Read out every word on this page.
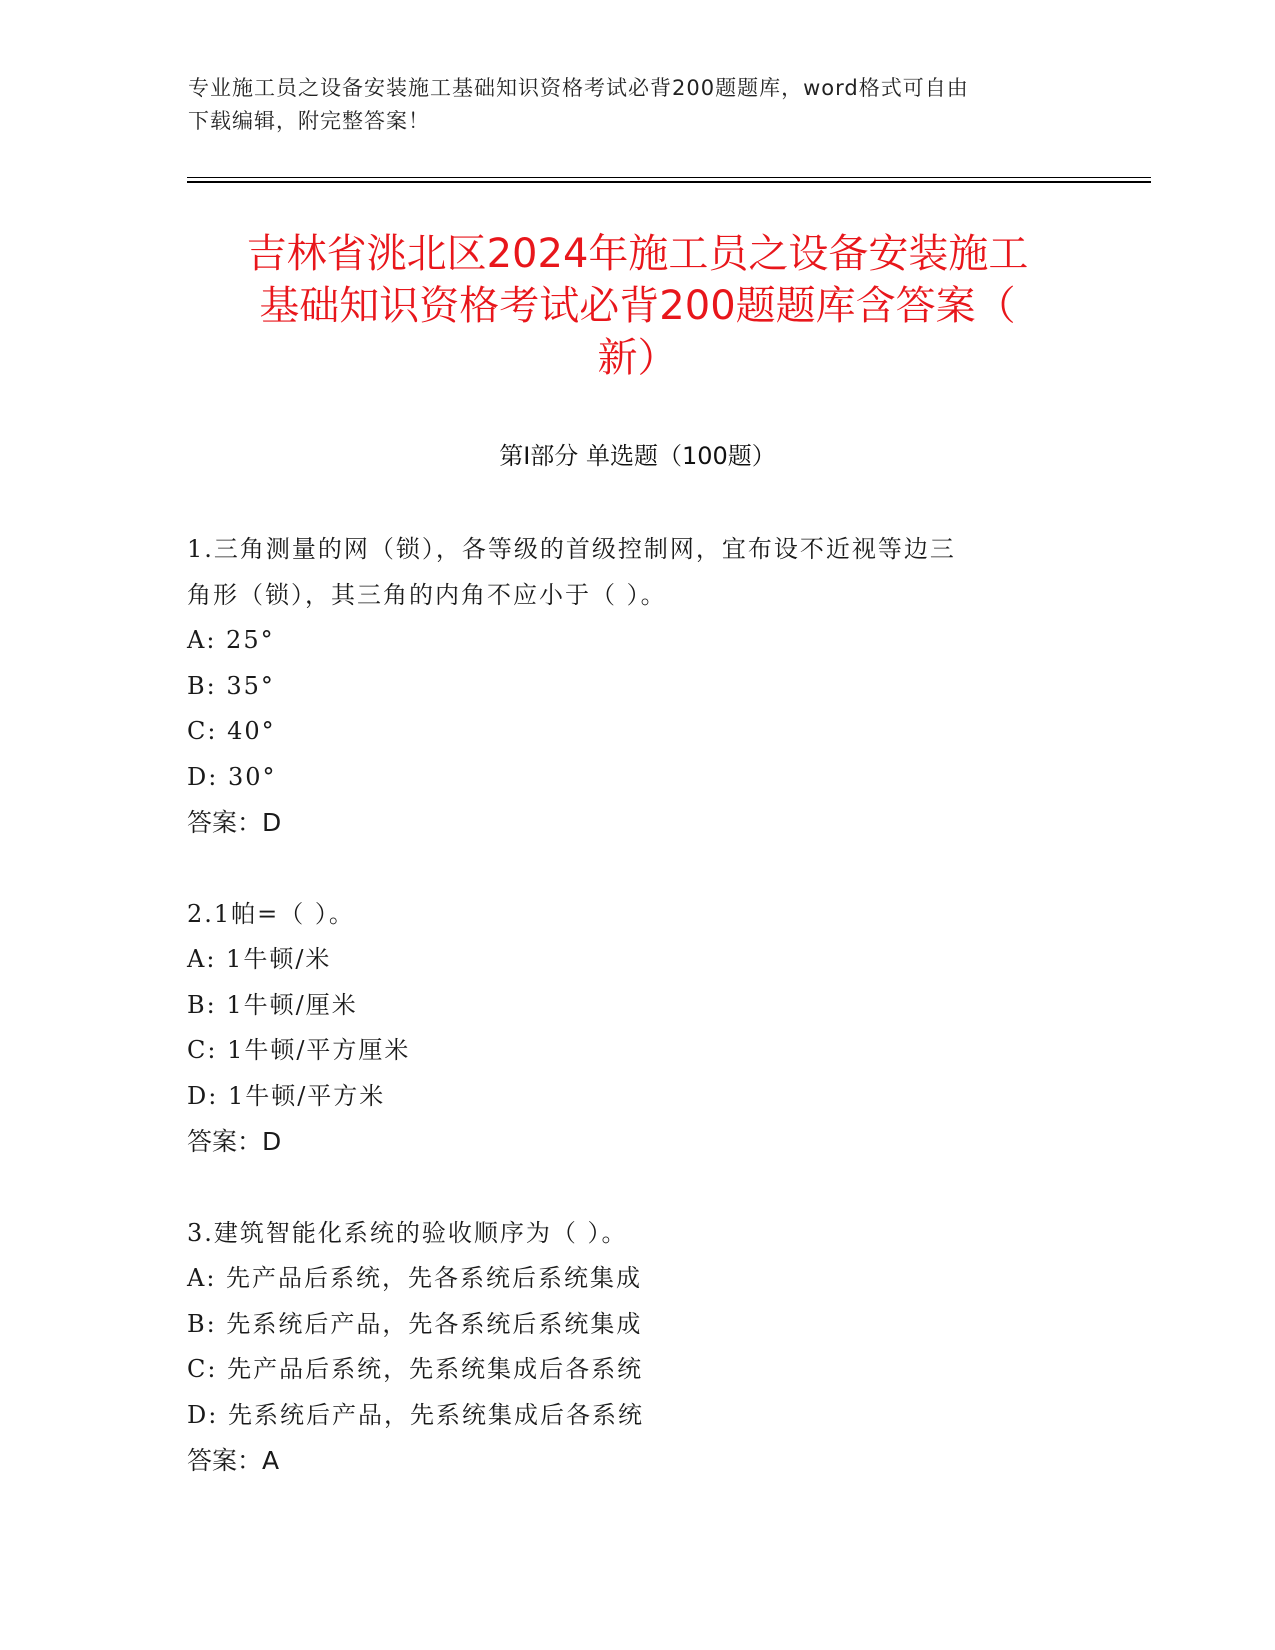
专业施工员之设备安装施工基础知识资格考试必背200题题库，word格式可自由
下载编辑，附完整答案！
吉林省洮北区2024年施工员之设备安装施工
基础知识资格考试必背200题题库含答案（
新）
第I部分 单选题（100题）
1.三角测量的网（锁），各等级的首级控制网，宜布设不近视等边三
角形（锁），其三角的内角不应小于（ ）。
A: 25°
B: 35°
C: 40°
D: 30°
答案：D
2.1帕=（ ）。
A: 1牛顿/米
B: 1牛顿/厘米
C: 1牛顿/平方厘米
D: 1牛顿/平方米
答案：D
3.建筑智能化系统的验收顺序为（ ）。
A: 先产品后系统，先各系统后系统集成
B: 先系统后产品，先各系统后系统集成
C: 先产品后系统，先系统集成后各系统
D: 先系统后产品，先系统集成后各系统
答案：A
